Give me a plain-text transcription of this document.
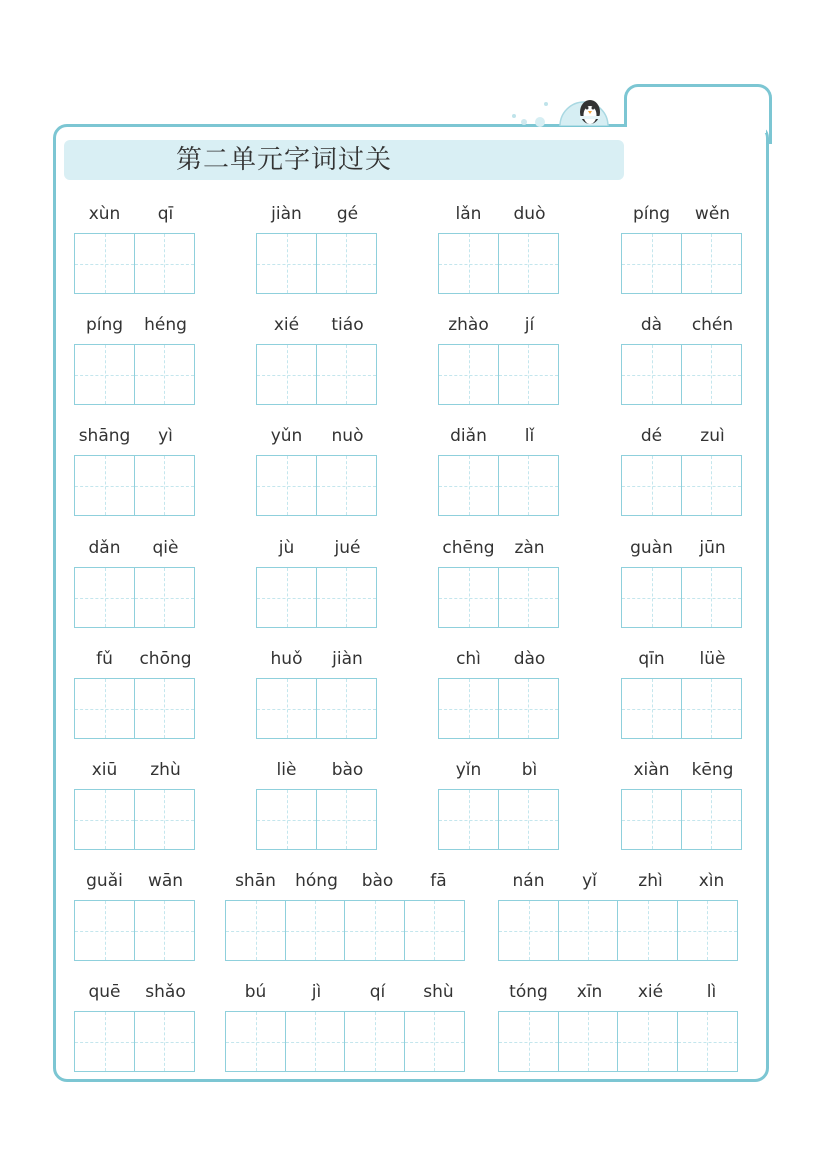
第二单元字词过关
xùn	qī	jiàn	gé	lǎn	duò	píng	wěn
píng	héng	xié	tiáo	zhào	jí	dà	chén
shāng	yì	yǔn	nuò	diǎn	lǐ	dé	zuì
dǎn	qiè	jù	jué	chēng	zàn	guàn	jūn
fǔ	chōng	huǒ	jiàn	chì	dào	qīn	lüè
xiū	zhù	liè	bào	yǐn	bì	xiàn	kēng
guǎi	wān	shān	hóng	bào	fā	nán	yǐ	zhì	xìn
quē	shǎo	bú	jì	qí	shù	tóng	xīn	xié	lì
